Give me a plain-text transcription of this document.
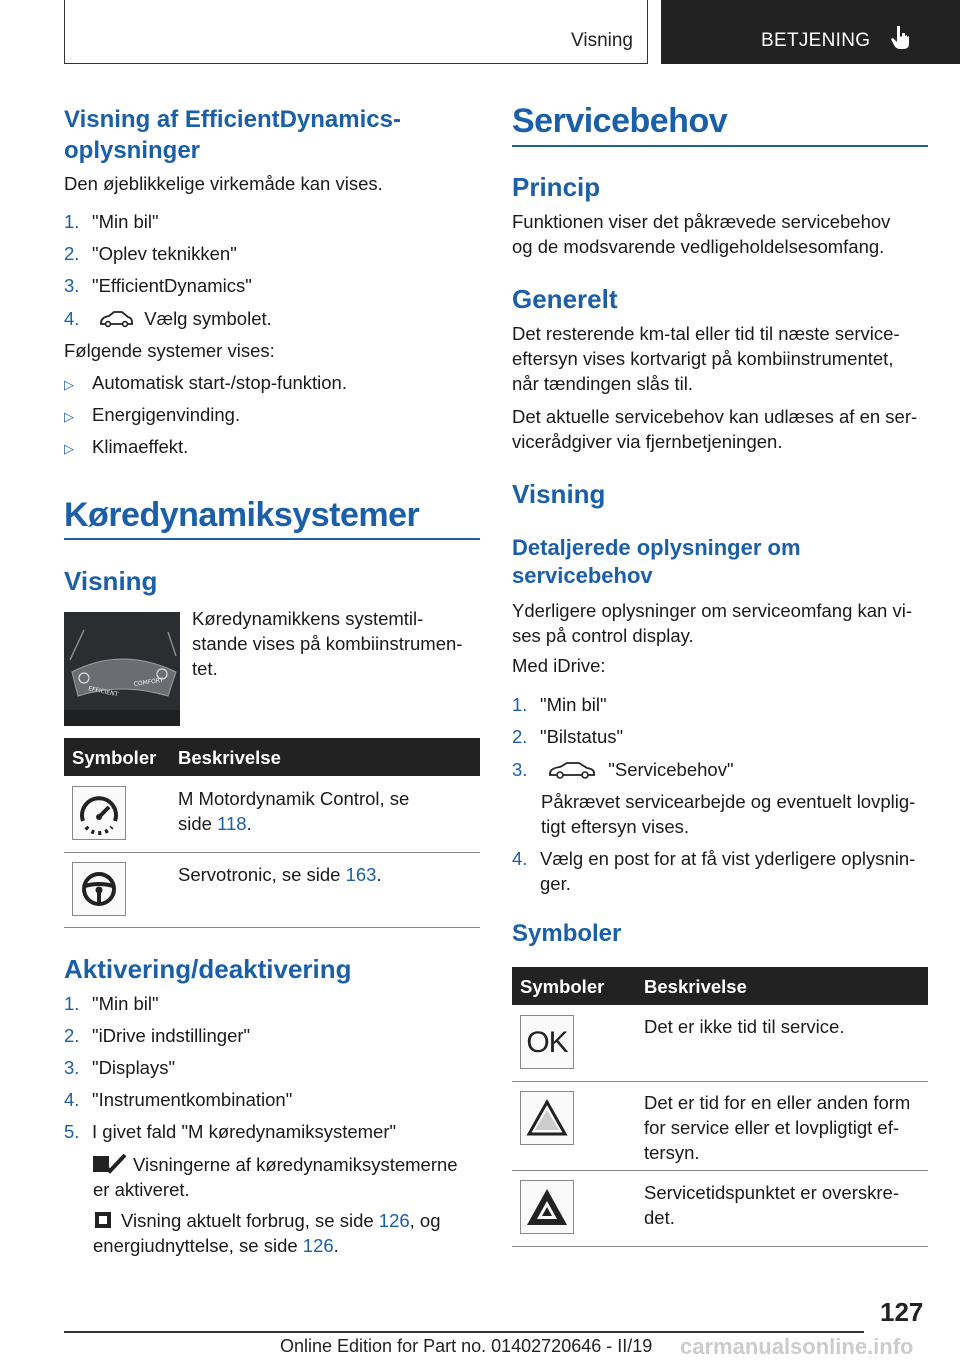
Visning	BETJENING
Visning af EfficientDynamics-
oplysninger
Den øjeblikkelige virkemåde kan vises.
1. "Min bil"
2. "Oplev teknikken"
3. "EfficientDynamics"
4.	Vælg symbolet.
Følgende systemer vises:
▷ Automatisk start-/stop-funktion.
▷ Energigenvinding.
▷ Klimaeffekt.
Køredynamiksystemer
Visning
EFFICIENT
COMFORT
Køredynamikkens systemtil-
stande vises på kombiinstrumen-
tet.
Symboler Beskrivelse
M Motordynamik Control, se
side 118.
Servotronic, se side 163.
Aktivering/deaktivering
1. "Min bil"
2. "iDrive indstillinger"
3. "Displays"
4. "Instrumentkombination"
5. I givet fald "M køredynamiksystemer"
Visningerne af køredynamiksystemerne
er aktiveret.
Visning aktuelt forbrug, se side 126, og
energiudnyttelse, se side 126.
Servicebehov
Princip
Funktionen viser det påkrævede servicebehov
og de modsvarende vedligeholdelsesomfang.
Generelt
Det resterende km-tal eller tid til næste service-
eftersyn vises kortvarigt på kombiinstrumentet,
når tændingen slås til.
Det aktuelle servicebehov kan udlæses af en ser-
vicerådgiver via fjernbetjeningen.
Visning
Detaljerede oplysninger om
servicebehov
Yderligere oplysninger om serviceomfang kan vi-
ses på control display.
Med iDrive:
1. "Min bil"
2. "Bilstatus"
3.	"Servicebehov"
Påkrævet servicearbejde og eventuelt lovplig-
tigt eftersyn vises.
4. Vælg en post for at få vist yderligere oplysnin-
ger.
Symboler
Symboler Beskrivelse
OK	Det er ikke tid til service.
Det er tid for en eller anden form
for service eller et lovpligtigt ef-
tersyn.
Servicetidspunktet er overskre-
det.
127
Online Edition for Part no. 01402720646 - II/19 carmanualsonline.info
